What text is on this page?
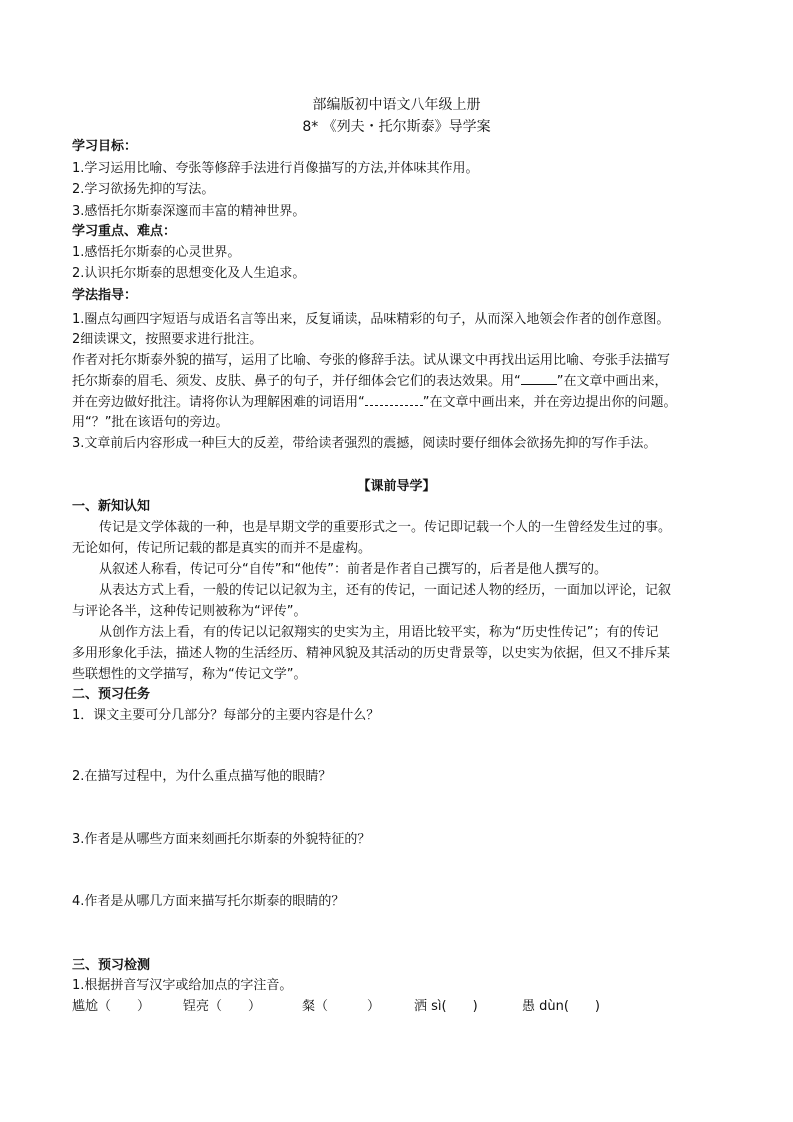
部编版初中语文八年级上册
8* 《列夫・托尔斯泰》导学案
学习目标：
1.学习运用比喻、夸张等修辞手法进行肖像描写的方法,并体味其作用。
2.学习欲扬先抑的写法。
3.感悟托尔斯泰深邃而丰富的精神世界。
学习重点、难点：
1.感悟托尔斯泰的心灵世界。
2.认识托尔斯泰的思想变化及人生追求。
学法指导：
1.圈点勾画四字短语与成语名言等出来，反复诵读，品味精彩的句子，从而深入地领会作者的创作意图。
2细读课文，按照要求进行批注。
作者对托尔斯泰外貌的描写，运用了比喻、夸张的修辞手法。试从课文中再找出运用比喻、夸张手法描写
托尔斯泰的眉毛、须发、皮肤、鼻子的句子，并仔细体会它们的表达效果。用“	”在文章中画出来，
并在旁边做好批注。请将你认为理解困难的词语用“	”在文章中画出来，并在旁边提出你的问题。
用“？”批在该语句的旁边。
3.文章前后内容形成一种巨大的反差，带给读者强烈的震撼，阅读时要仔细体会欲扬先抑的写作手法。
【课前导学】
一、新知认知
传记是文学体裁的一种，也是早期文学的重要形式之一。传记即记载一个人的一生曾经发生过的事。
无论如何，传记所记载的都是真实的而并不是虚构。
从叙述人称看，传记可分“自传”和“他传”：前者是作者自己撰写的，后者是他人撰写的。
从表达方式上看，一般的传记以记叙为主，还有的传记，一面记述人物的经历，一面加以评论，记叙
与评论各半，这种传记则被称为“评传”。
从创作方法上看，有的传记以记叙翔实的史实为主，用语比较平实，称为“历史性传记”；有的传记
多用形象化手法，描述人物的生活经历、精神风貌及其活动的历史背景等，以史实为依据，但又不排斥某
些联想性的文学描写，称为“传记文学”。
二、预习任务
1．课文主要可分几部分？每部分的主要内容是什么？
2.在描写过程中，为什么重点描写他的眼睛？
3.作者是从哪些方面来刻画托尔斯泰的外貌特征的？
4.作者是从哪几方面来描写托尔斯泰的眼睛的？
三、预习检测
1.根据拼音写汉字或给加点的字注音。
尴尬（　　）	锃亮（　　）	粲（　　　）	洒 sì(　　)	愚 dùn(　　)
